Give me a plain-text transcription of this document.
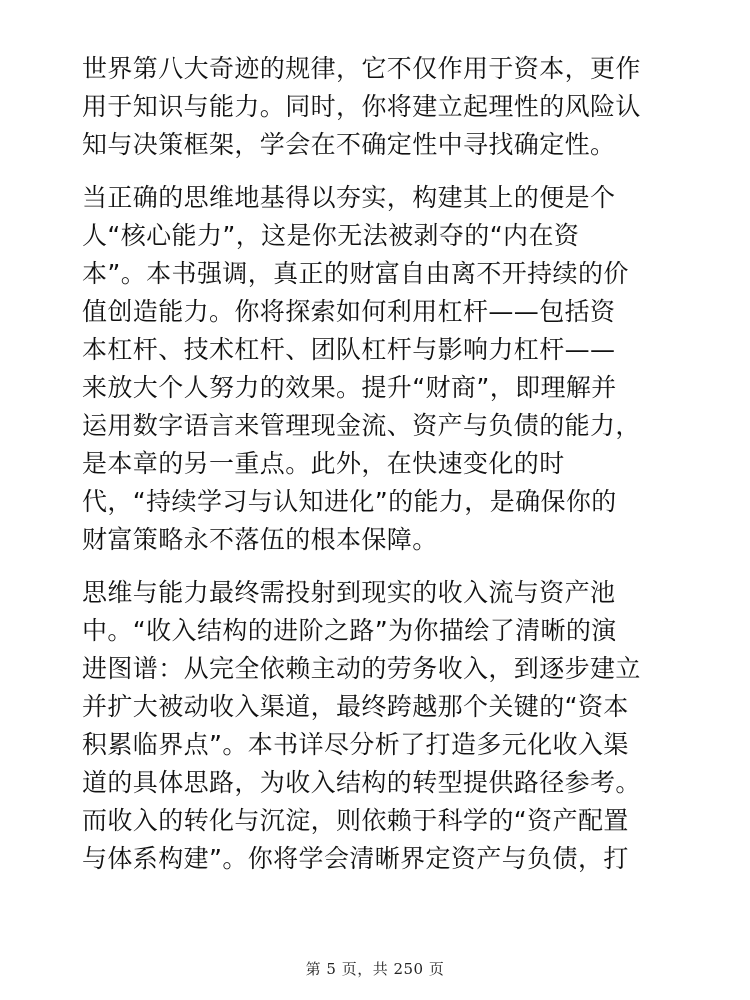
世界第八大奇迹的规律，它不仅作用于资本，更作
用于知识与能力。同时，你将建立起理性的风险认
知与决策框架，学会在不确定性中寻找确定性。

当正确的思维地基得以夯实，构建其上的便是个
人“核心能力”，这是你无法被剥夺的“内在资
本”。本书强调，真正的财富自由离不开持续的价
值创造能力。你将探索如何利用杠杆——包括资
本杠杆、技术杠杆、团队杠杆与影响力杠杆——
来放大个人努力的效果。提升“财商”，即理解并
运用数字语言来管理现金流、资产与负债的能力，
是本章的另一重点。此外，在快速变化的时
代，“持续学习与认知进化”的能力，是确保你的
财富策略永不落伍的根本保障。

思维与能力最终需投射到现实的收入流与资产池
中。“收入结构的进阶之路”为你描绘了清晰的演
进图谱：从完全依赖主动的劳务收入，到逐步建立
并扩大被动收入渠道，最终跨越那个关键的“资本
积累临界点”。本书详尽分析了打造多元化收入渠
道的具体思路，为收入结构的转型提供路径参考。
而收入的转化与沉淀，则依赖于科学的“资产配置
与体系构建”。你将学会清晰界定资产与负债，打

第 5 页，共 250 页
